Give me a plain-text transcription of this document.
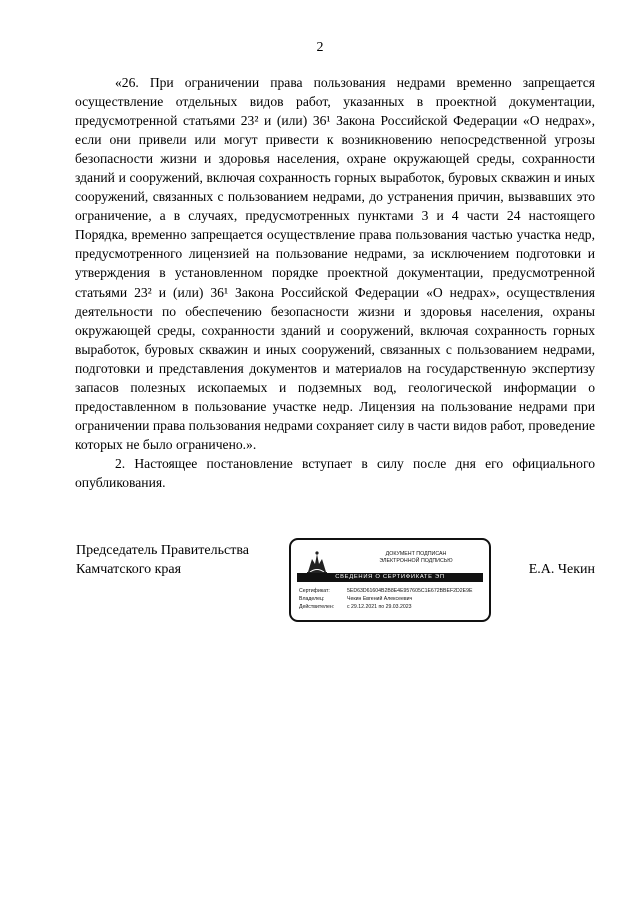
2

«26. При ограничении права пользования недрами временно запрещается осуществление отдельных видов работ, указанных в проектной документации, предусмотренной статьями 23² и (или) 36¹ Закона Российской Федерации «О недрах», если они привели или могут привести к возникновению непосредственной угрозы безопасности жизни и здоровья населения, охране окружающей среды, сохранности зданий и сооружений, включая сохранность горных выработок, буровых скважин и иных сооружений, связанных с пользованием недрами, до устранения причин, вызвавших это ограничение, а в случаях, предусмотренных пунктами 3 и 4 части 24 настоящего Порядка, временно запрещается осуществление права пользования частью участка недр, предусмотренного лицензией на пользование недрами, за исключением подготовки и утверждения в установленном порядке проектной документации, предусмотренной статьями 23² и (или) 36¹ Закона Российской Федерации «О недрах», осуществления деятельности по обеспечению безопасности жизни и здоровья населения, охраны окружающей среды, сохранности зданий и сооружений, включая сохранность горных выработок, буровых скважин и иных сооружений, связанных с пользованием недрами, подготовки и представления документов и материалов на государственную экспертизу запасов полезных ископаемых и подземных вод, геологической информации о предоставленном в пользование участке недр. Лицензия на пользование недрами при ограничении права пользования недрами сохраняет силу в части видов работ, проведение которых не было ограничено.».

2. Настоящее постановление вступает в силу после дня его официального опубликования.

Председатель Правительства
Камчатского края
ДОКУМЕНТ ПОДПИСАН
ЭЛЕКТРОННОЙ ПОДПИСЬЮ
СВЕДЕНИЯ О СЕРТИФИКАТЕ ЭП
Сертификат:	5ED63D61604B2B8E4E957605C1E672BBEF2D2E9E
Владелец:	Чекин Евгений Алексеевич
Действителен:	с 29.12.2021 по 29.03.2023
Е.А. Чекин
